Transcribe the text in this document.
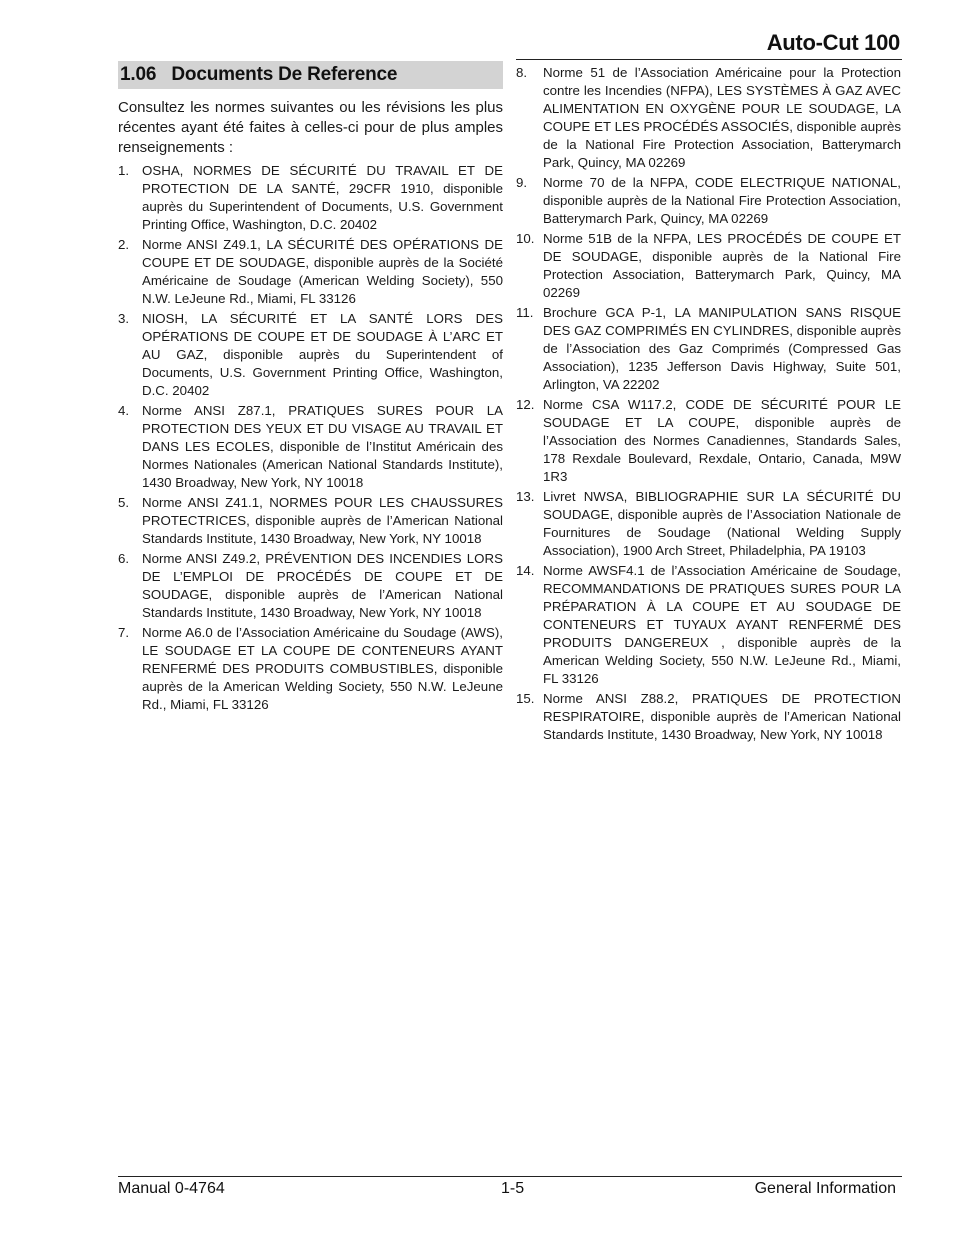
Auto-Cut 100
1.06   Documents De Reference

Consultez les normes suivantes ou les révisions les plus récentes ayant été faites à celles-ci pour de plus amples renseignements :

1. OSHA, NORMES DE SÉCURITÉ DU TRAVAIL ET DE PROTECTION DE LA SANTÉ, 29CFR 1910, disponible auprès du Superintendent of Documents, U.S. Government Printing Office, Washington, D.C. 20402
2. Norme ANSI Z49.1, LA SÉCURITÉ DES OPÉRATIONS DE COUPE ET DE SOUDAGE, disponible auprès de la Société Américaine de Soudage (American Welding Society), 550 N.W. LeJeune Rd., Miami, FL 33126
3. NIOSH, LA SÉCURITÉ ET LA SANTÉ LORS DES OPÉRATIONS DE COUPE ET DE SOUDAGE À L’ARC ET AU GAZ, disponible auprès du Superintendent of Documents, U.S. Government Printing Office, Washington, D.C. 20402
4. Norme ANSI Z87.1, PRATIQUES SURES POUR LA PROTECTION DES YEUX ET DU VISAGE AU TRAVAIL ET DANS LES ECOLES, disponible de l’Institut Américain des Normes Nationales (American National Standards Institute), 1430 Broadway, New York, NY 10018
5. Norme ANSI Z41.1, NORMES POUR LES CHAUSSURES PROTECTRICES, disponible auprès de l’American National Standards Institute, 1430 Broadway, New York, NY 10018
6. Norme ANSI Z49.2, PRÉVENTION DES INCENDIES LORS DE L’EMPLOI DE PROCÉDÉS DE COUPE ET DE SOUDAGE, disponible auprès de l’American National Standards Institute, 1430 Broadway, New York, NY 10018
7. Norme A6.0 de l’Association Américaine du Soudage (AWS), LE SOUDAGE ET LA COUPE DE CONTENEURS AYANT RENFERMÉ DES PRODUITS COMBUSTIBLES, disponible auprès de la American Welding Society, 550 N.W. LeJeune Rd., Miami, FL 33126
8. Norme 51 de l’Association Américaine pour la Protection contre les Incendies (NFPA), LES SYSTÈMES À GAZ AVEC ALIMENTATION EN OXYGÈNE POUR LE SOUDAGE, LA COUPE ET LES PROCÉDÉS ASSOCIÉS, disponible auprès de la National Fire Protection Association, Batterymarch Park, Quincy, MA 02269
9. Norme 70 de la NFPA, CODE ELECTRIQUE NATIONAL, disponible auprès de la National Fire Protection Association, Batterymarch Park, Quincy, MA 02269
10. Norme 51B de la NFPA, LES PROCÉDÉS DE COUPE ET DE SOUDAGE, disponible auprès de la National Fire Protection Association, Batterymarch Park, Quincy, MA 02269
11. Brochure GCA P-1, LA MANIPULATION SANS RISQUE DES GAZ COMPRIMÉS EN CYLINDRES, disponible auprès de l’Association des Gaz Comprimés (Compressed Gas Association), 1235 Jefferson Davis Highway, Suite 501, Arlington, VA 22202
12. Norme CSA W117.2, CODE DE SÉCURITÉ POUR LE SOUDAGE ET LA COUPE, disponible auprès de l’Association des Normes Canadiennes, Standards Sales, 178 Rexdale Boulevard, Rexdale, Ontario, Canada, M9W 1R3
13. Livret NWSA, BIBLIOGRAPHIE SUR LA SÉCURITÉ DU SOUDAGE, disponible auprès de l’Association Nationale de Fournitures de Soudage (National Welding Supply Association), 1900 Arch Street, Philadelphia, PA 19103
14. Norme AWSF4.1 de l’Association Américaine de Soudage, RECOMMANDATIONS DE PRATIQUES SURES POUR LA PRÉPARATION À LA COUPE ET AU SOUDAGE DE CONTENEURS ET TUYAUX AYANT RENFERMÉ DES PRODUITS DANGEREUX , disponible auprès de la American Welding Society, 550 N.W. LeJeune Rd., Miami, FL 33126
15. Norme ANSI Z88.2, PRATIQUES DE PROTECTION RESPIRATOIRE, disponible auprès de l’American National Standards Institute, 1430 Broadway, New York, NY 10018
Manual 0-4764	1-5	General Information
